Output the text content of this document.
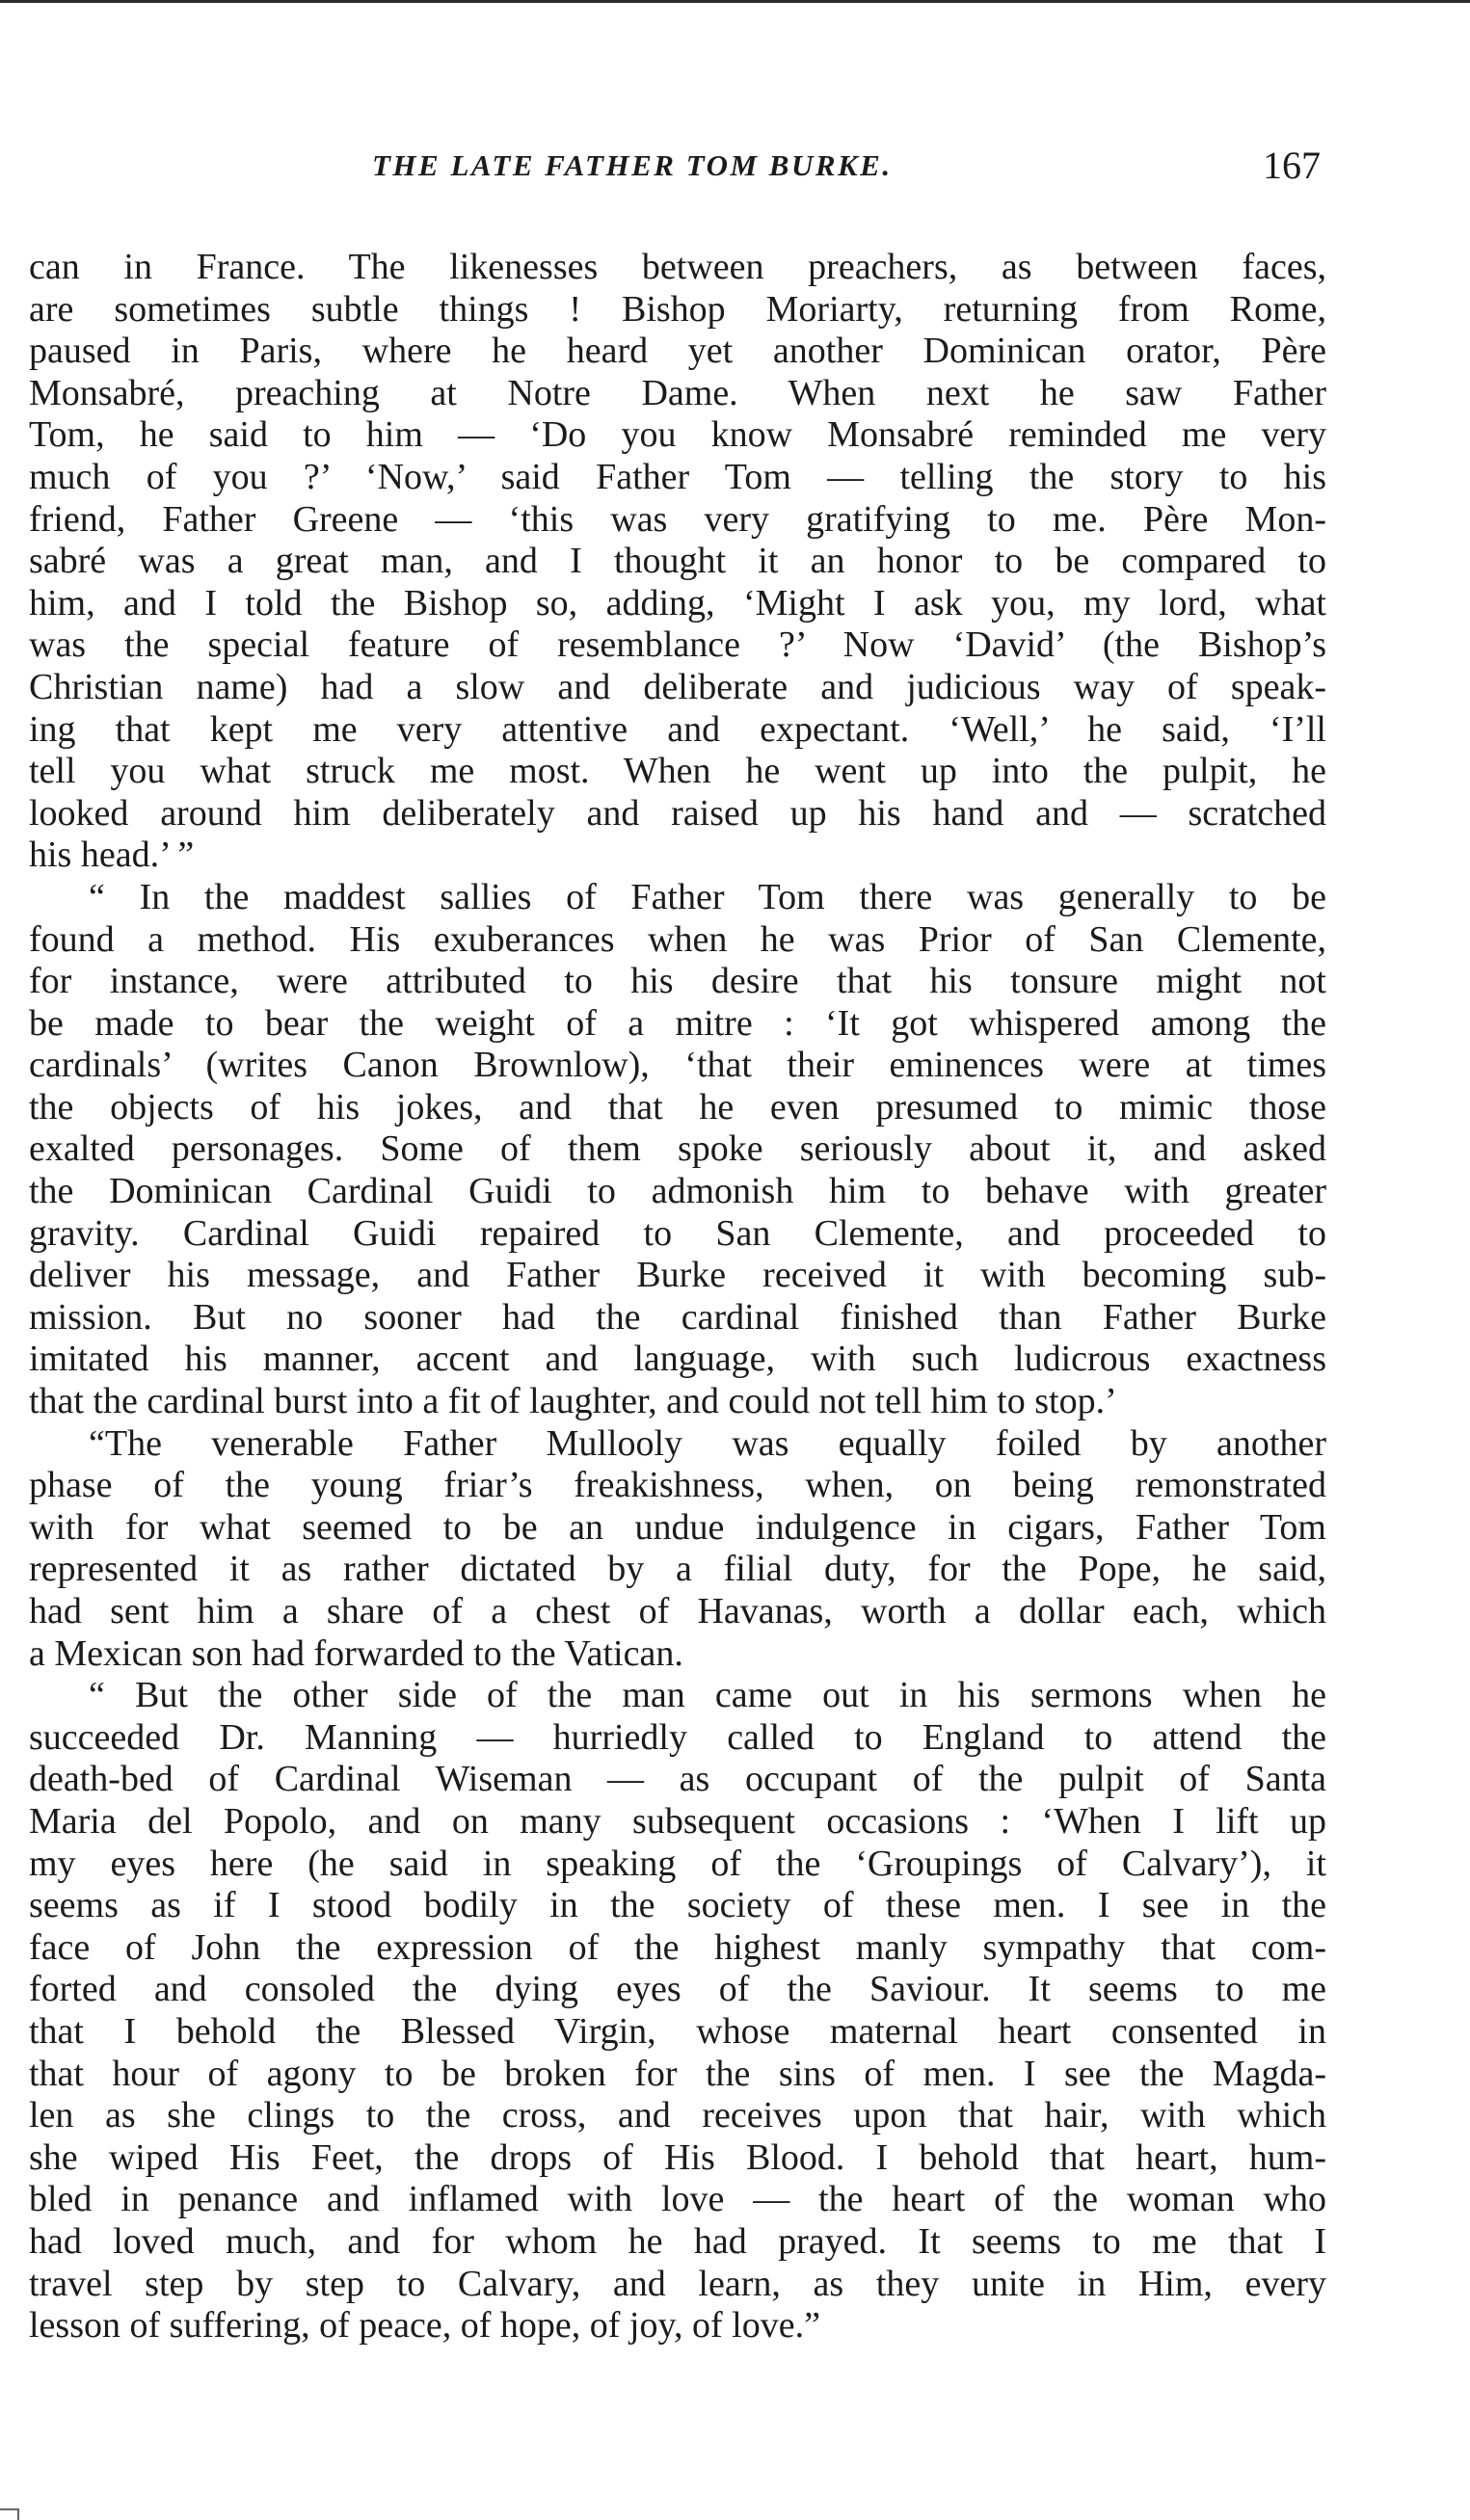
THE LATE FATHER TOM BURKE.	167
can in France. The likenesses between preachers, as between faces,
are sometimes subtle things ! Bishop Moriarty, returning from Rome,
paused in Paris, where he heard yet another Dominican orator, Père
Monsabré, preaching at Notre Dame. When next he saw Father
Tom, he said to him — ‘Do you know Monsabré reminded me very
much of you ?’ ‘Now,’ said Father Tom — telling the story to his
friend, Father Greene — ‘this was very gratifying to me. Père Mon-
sabré was a great man, and I thought it an honor to be compared to
him, and I told the Bishop so, adding, ‘Might I ask you, my lord, what
was the special feature of resemblance ?’ Now ‘David’ (the Bishop’s
Christian name) had a slow and deliberate and judicious way of speak-
ing that kept me very attentive and expectant. ‘Well,’ he said, ‘I’ll
tell you what struck me most. When he went up into the pulpit, he
looked around him deliberately and raised up his hand and — scratched
his head.’ ”
“ In the maddest sallies of Father Tom there was generally to be
found a method. His exuberances when he was Prior of San Clemente,
for instance, were attributed to his desire that his tonsure might not
be made to bear the weight of a mitre : ‘It got whispered among the
cardinals’ (writes Canon Brownlow), ‘that their eminences were at times
the objects of his jokes, and that he even presumed to mimic those
exalted personages. Some of them spoke seriously about it, and asked
the Dominican Cardinal Guidi to admonish him to behave with greater
gravity. Cardinal Guidi repaired to San Clemente, and proceeded to
deliver his message, and Father Burke received it with becoming sub-
mission. But no sooner had the cardinal finished than Father Burke
imitated his manner, accent and language, with such ludicrous exactness
that the cardinal burst into a fit of laughter, and could not tell him to stop.’
“The venerable Father Mullooly was equally foiled by another
phase of the young friar’s freakishness, when, on being remonstrated
with for what seemed to be an undue indulgence in cigars, Father Tom
represented it as rather dictated by a filial duty, for the Pope, he said,
had sent him a share of a chest of Havanas, worth a dollar each, which
a Mexican son had forwarded to the Vatican.
“ But the other side of the man came out in his sermons when he
succeeded Dr. Manning — hurriedly called to England to attend the
death-bed of Cardinal Wiseman — as occupant of the pulpit of Santa
Maria del Popolo, and on many subsequent occasions : ‘When I lift up
my eyes here (he said in speaking of the ‘Groupings of Calvary’), it
seems as if I stood bodily in the society of these men. I see in the
face of John the expression of the highest manly sympathy that com-
forted and consoled the dying eyes of the Saviour. It seems to me
that I behold the Blessed Virgin, whose maternal heart consented in
that hour of agony to be broken for the sins of men. I see the Magda-
len as she clings to the cross, and receives upon that hair, with which
she wiped His Feet, the drops of His Blood. I behold that heart, hum-
bled in penance and inflamed with love — the heart of the woman who
had loved much, and for whom he had prayed. It seems to me that I
travel step by step to Calvary, and learn, as they unite in Him, every
lesson of suffering, of peace, of hope, of joy, of love.”
